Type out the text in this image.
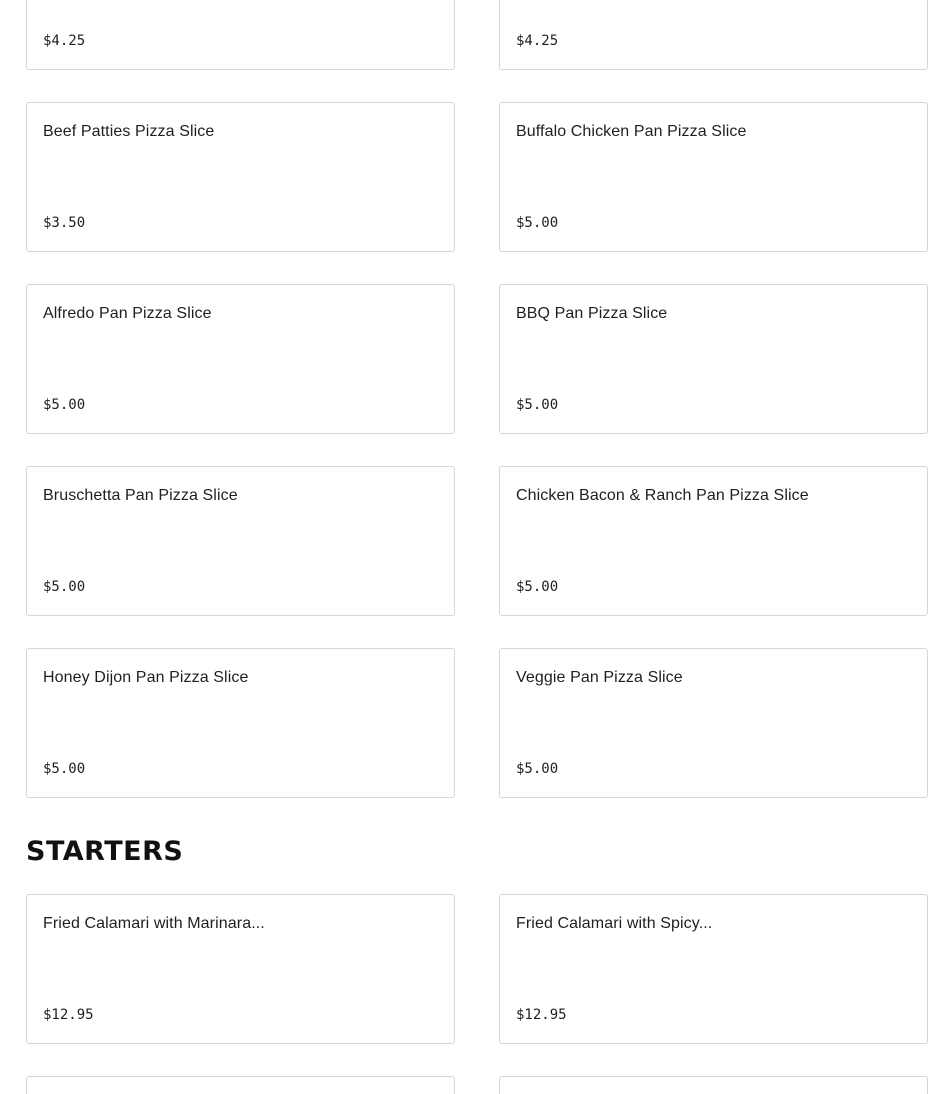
$4.25	$4.25
Beef Patties Pizza Slice
$3.50
Buffalo Chicken Pan Pizza Slice
$5.00
Alfredo Pan Pizza Slice
$5.00
BBQ Pan Pizza Slice
$5.00
Bruschetta Pan Pizza Slice
$5.00
Chicken Bacon & Ranch Pan Pizza Slice
$5.00
Honey Dijon Pan Pizza Slice
$5.00
Veggie Pan Pizza Slice
$5.00
STARTERS
Fried Calamari with Marinara...
$12.95
Fried Calamari with Spicy...
$12.95
